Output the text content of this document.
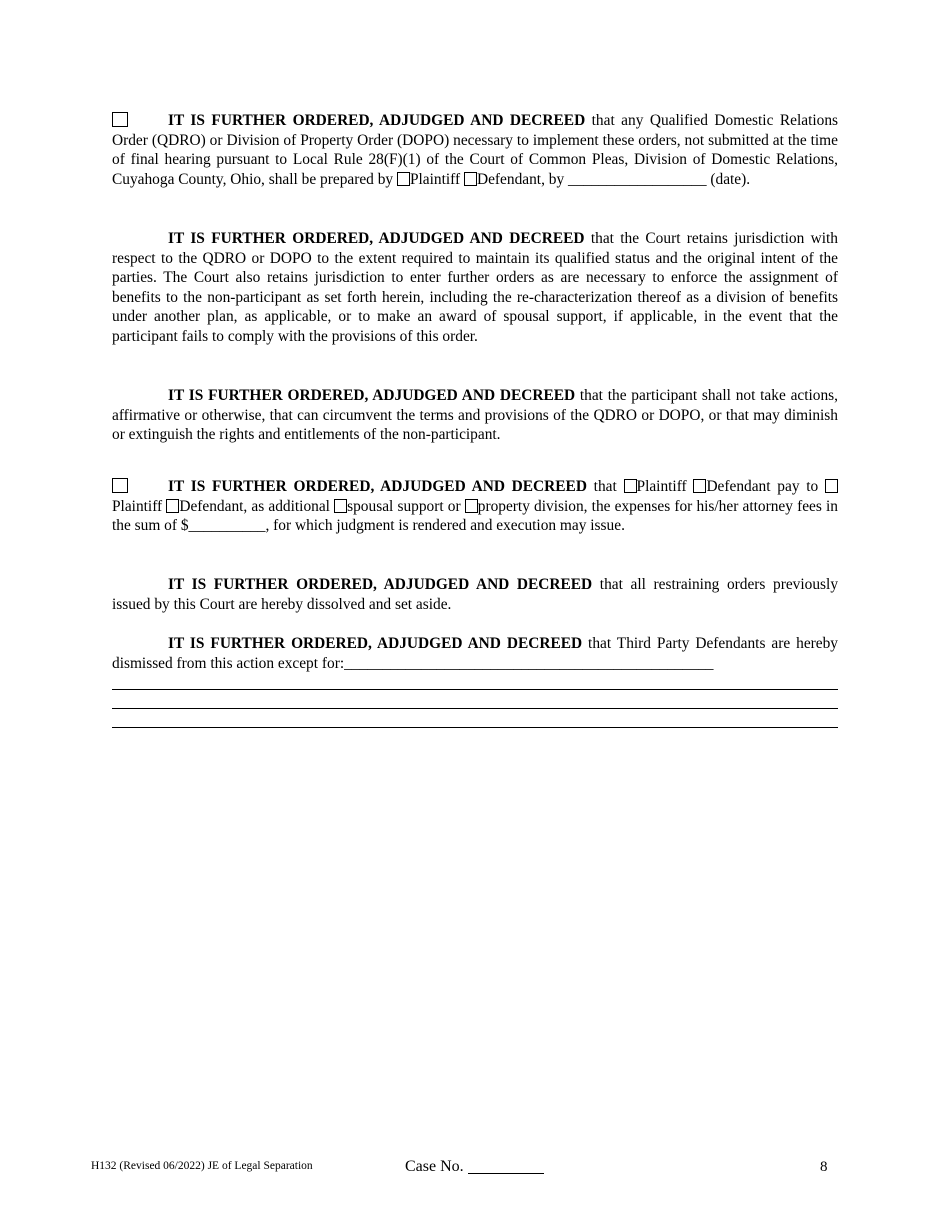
IT IS FURTHER ORDERED, ADJUDGED AND DECREED that any Qualified Domestic Relations Order (QDRO) or Division of Property Order (DOPO) necessary to implement these orders, not submitted at the time of final hearing pursuant to Local Rule 28(F)(1) of the Court of Common Pleas, Division of Domestic Relations, Cuyahoga County, Ohio, shall be prepared by Plaintiff Defendant, by __________________ (date).

IT IS FURTHER ORDERED, ADJUDGED AND DECREED that the Court retains jurisdiction with respect to the QDRO or DOPO to the extent required to maintain its qualified status and the original intent of the parties. The Court also retains jurisdiction to enter further orders as are necessary to enforce the assignment of benefits to the non-participant as set forth herein, including the re-characterization thereof as a division of benefits under another plan, as applicable, or to make an award of spousal support, if applicable, in the event that the participant fails to comply with the provisions of this order.

IT IS FURTHER ORDERED, ADJUDGED AND DECREED that the participant shall not take actions, affirmative or otherwise, that can circumvent the terms and provisions of the QDRO or DOPO, or that may diminish or extinguish the rights and entitlements of the non-participant.

IT IS FURTHER ORDERED, ADJUDGED AND DECREED that Plaintiff Defendant pay to Plaintiff Defendant, as additional spousal support or property division, the expenses for his/her attorney fees in the sum of $__________, for which judgment is rendered and execution may issue.

IT IS FURTHER ORDERED, ADJUDGED AND DECREED that all restraining orders previously issued by this Court are hereby dissolved and set aside.

IT IS FURTHER ORDERED, ADJUDGED AND DECREED that Third Party Defendants are hereby dismissed from this action except for:________________________________________________

H132 (Revised 06/2022) JE of Legal Separation	Case No.	8
